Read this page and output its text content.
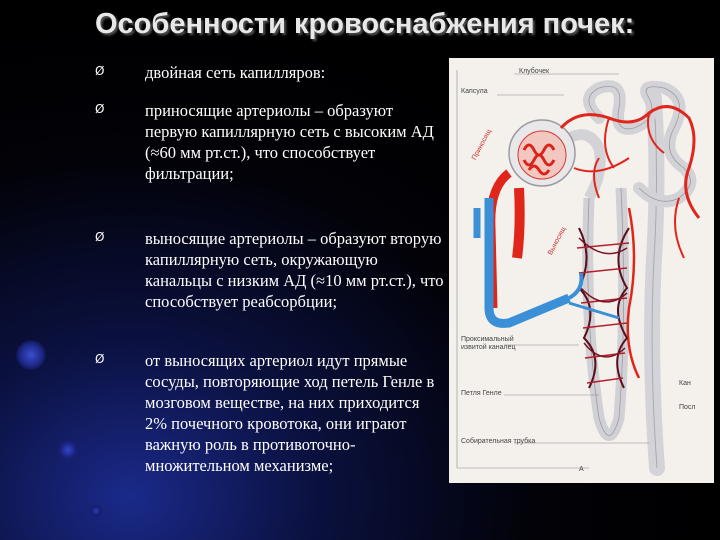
Особенности кровоснабжения почек:
Ø двойная сеть капилляров:
Ø приносящие артериолы – образуют первую капиллярную сеть с высоким АД (≈60 мм рт.ст.), что способствует фильтрации;
Ø выносящие артериолы – образуют вторую капиллярную сеть, окружающую канальцы с низким АД (≈10 мм рт.ст.), что способствует реабсорбции;
Ø от выносящих артериол идут прямые сосуды, повторяющие ход петель Генле в мозговом веществе, на них приходится 2% почечного кровотока, они играют важную роль в противоточно-множительном механизме;
Клубочек
Капсула
Приносящ
Выносящ
Проксимальный извитой каналец
Петля Генле
Собирательная трубка
Кан
Посл
А
